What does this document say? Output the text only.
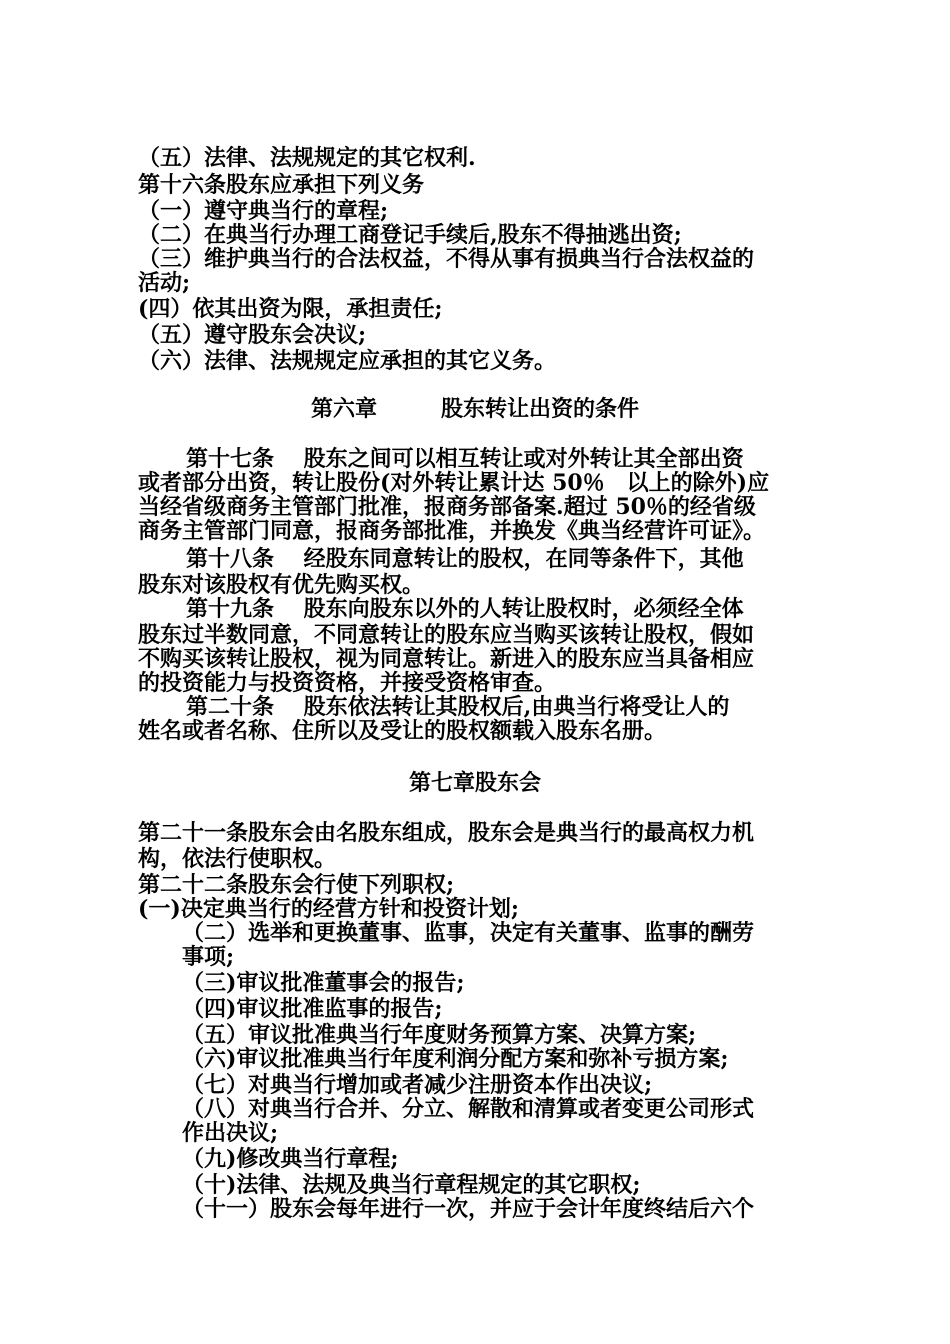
（五）法律、法规规定的其它权利.
第十六条股东应承担下列义务
（一）遵守典当行的章程;
（二）在典当行办理工商登记手续后,股东不得抽逃出资;
（三）维护典当行的合法权益，不得从事有损典当行合法权益的
活动;
(四）依其出资为限，承担责任;
（五）遵守股东会决议;
（六）法律、法规规定应承担的其它义务。
第六章	股东转让出资的条件
第十七条　 股东之间可以相互转让或对外转让其全部出资
或者部分出资，转让股份(对外转让累计达 50％　以上的除外)应
当经省级商务主管部门批准，报商务部备案.超过 50％的经省级
商务主管部门同意，报商务部批准，并换发《典当经营许可证》。
第十八条　 经股东同意转让的股权，在同等条件下，其他
股东对该股权有优先购买权。
第十九条　 股东向股东以外的人转让股权时，必须经全体
股东过半数同意，不同意转让的股东应当购买该转让股权，假如
不购买该转让股权，视为同意转让。新进入的股东应当具备相应
的投资能力与投资资格，并接受资格审查。
第二十条　 股东依法转让其股权后,由典当行将受让人的
姓名或者名称、住所以及受让的股权额载入股东名册。
第七章股东会
第二十一条股东会由名股东组成，股东会是典当行的最高权力机
构，依法行使职权。
第二十二条股东会行使下列职权;
(一)决定典当行的经营方针和投资计划;
（二）选举和更换董事、监事，决定有关董事、监事的酬劳
事项;
（三)审议批准董事会的报告;
（四)审议批准监事的报告;
（五）审议批准典当行年度财务预算方案、决算方案;
（六)审议批准典当行年度利润分配方案和弥补亏损方案;
（七）对典当行增加或者减少注册资本作出决议;
（八）对典当行合并、分立、解散和清算或者变更公司形式
作出决议;
（九)修改典当行章程;
（十)法律、法规及典当行章程规定的其它职权;
（十一）股东会每年进行一次，并应于会计年度终结后六个
